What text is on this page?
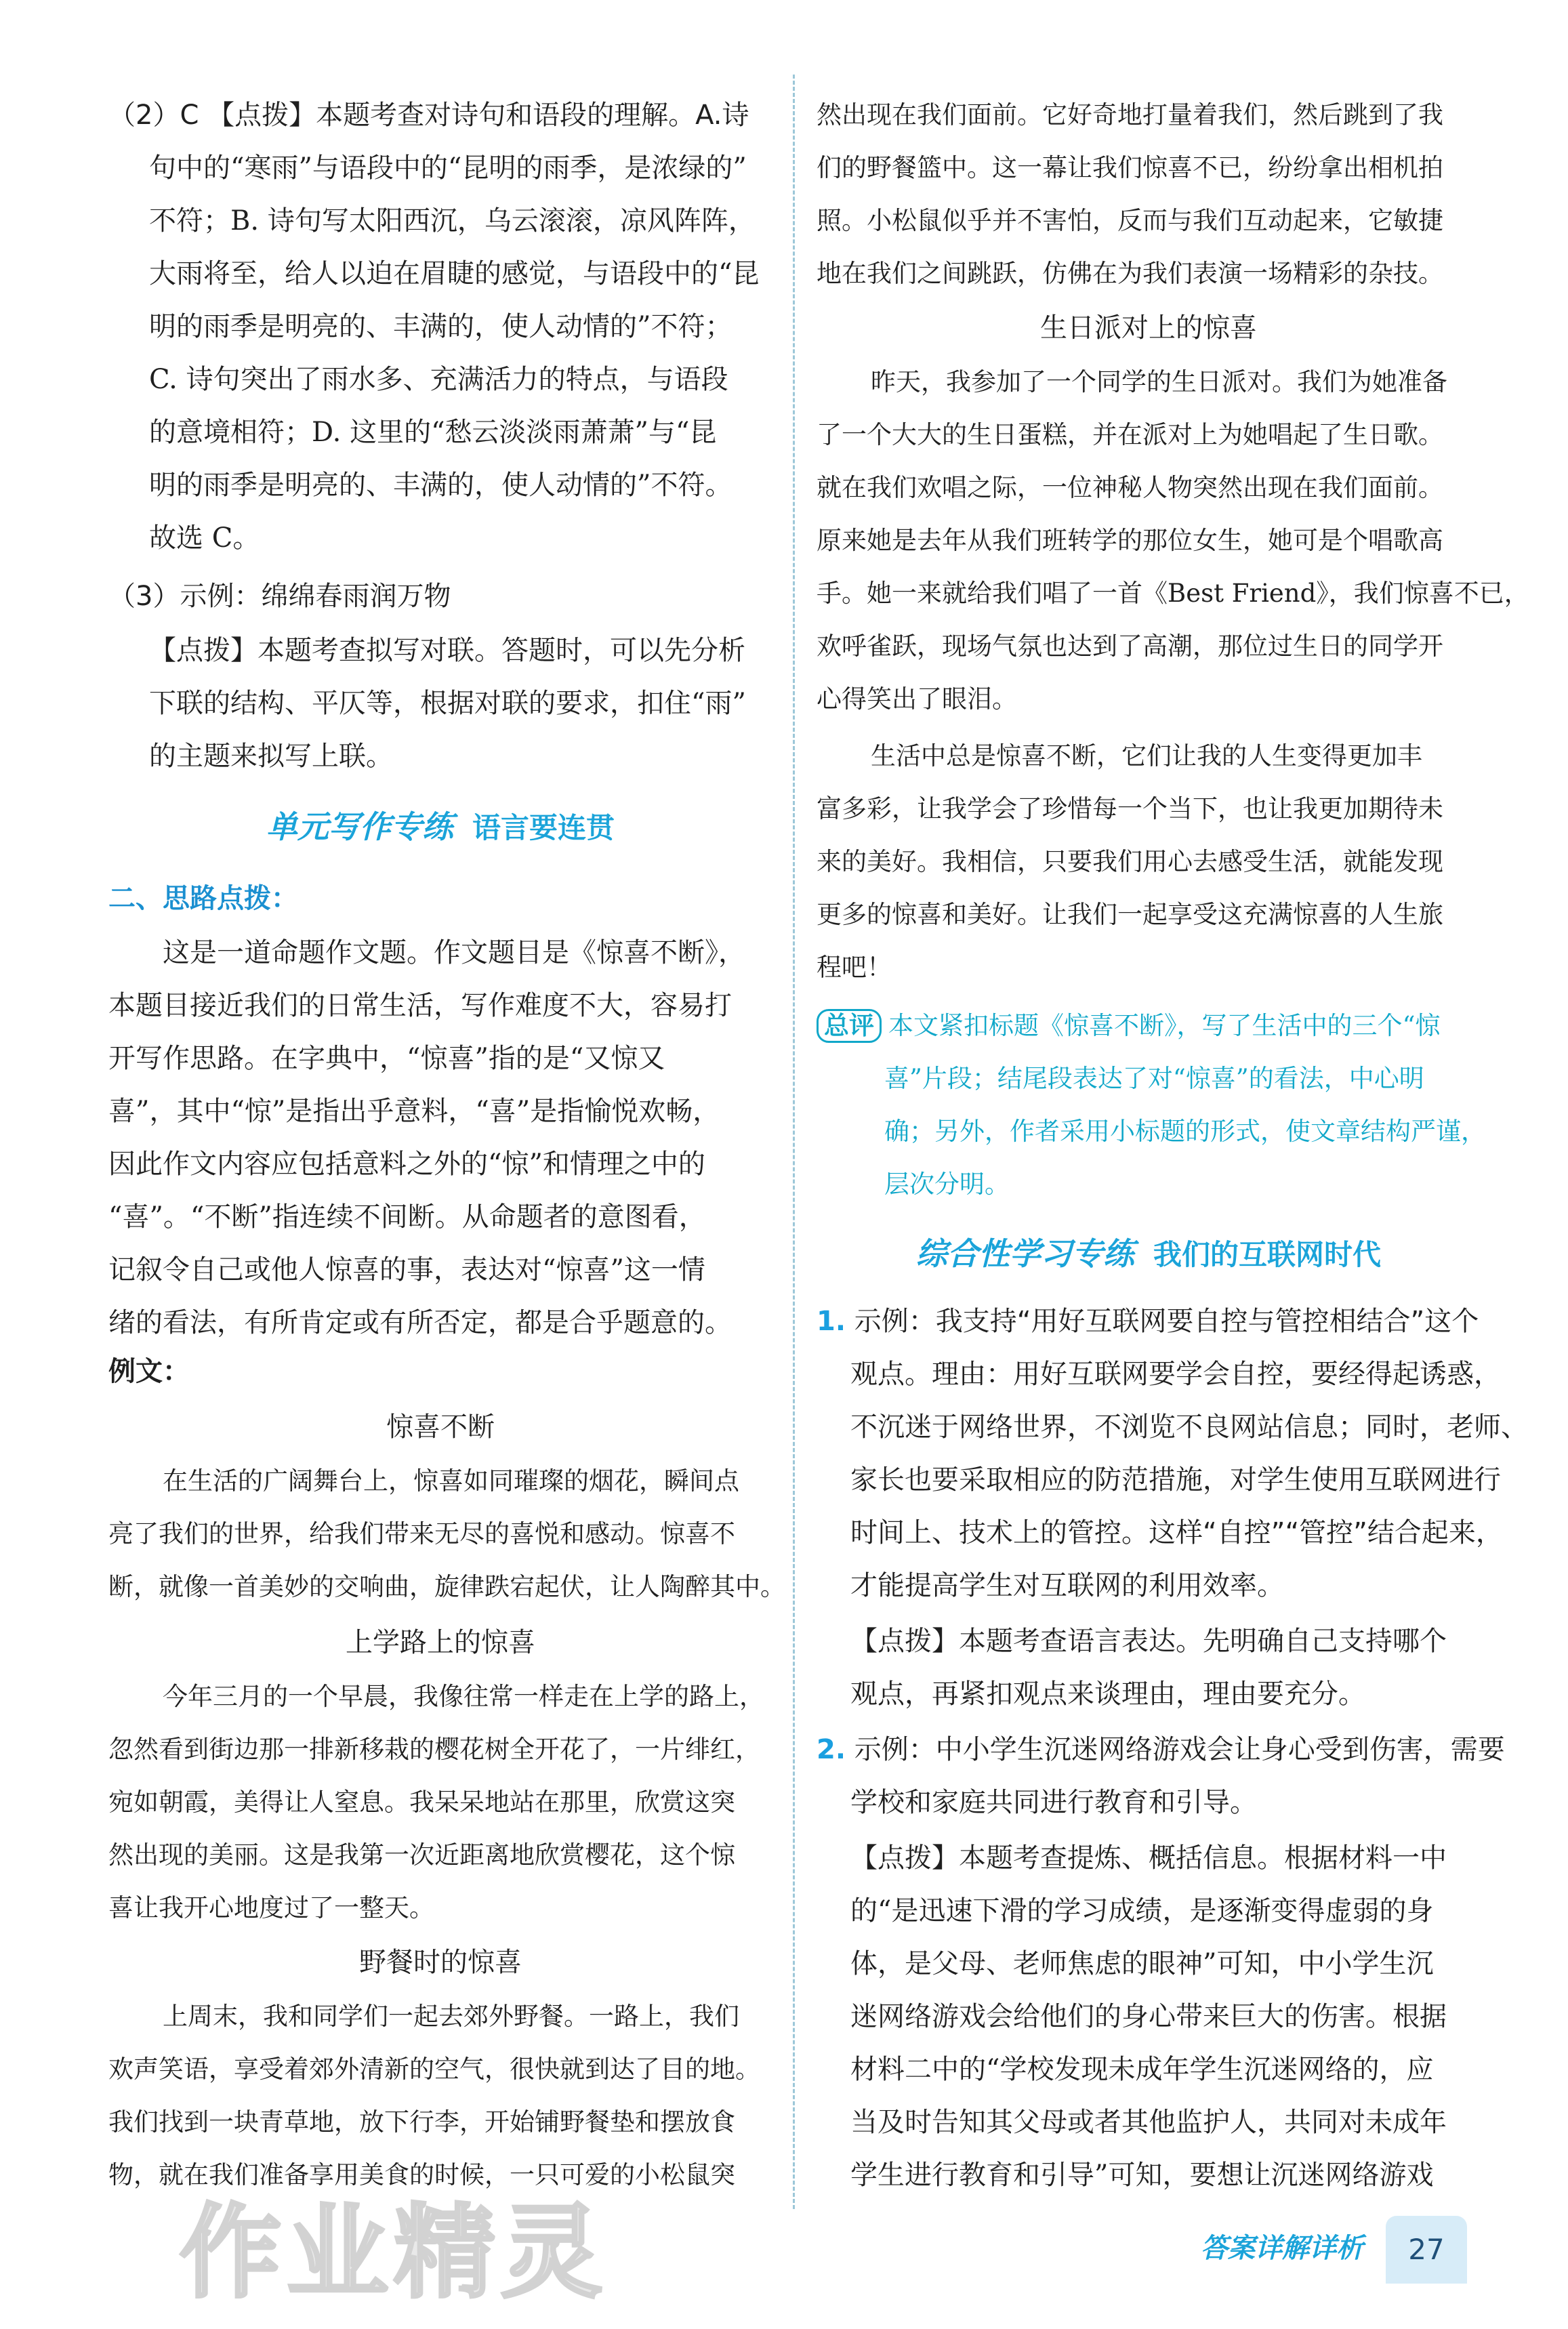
（2）C 【点拨】本题考查对诗句和语段的理解。A.诗
句中的“寒雨”与语段中的“昆明的雨季，是浓绿的”
不符；B. 诗句写太阳西沉，乌云滚滚，凉风阵阵，
大雨将至，给人以迫在眉睫的感觉，与语段中的“昆
明的雨季是明亮的、丰满的，使人动情的”不符；
C. 诗句突出了雨水多、充满活力的特点，与语段
的意境相符；D. 这里的“愁云淡淡雨萧萧”与“昆
明的雨季是明亮的、丰满的，使人动情的”不符。
故选 C。
（3）示例：绵绵春雨润万物
【点拨】本题考查拟写对联。答题时，可以先分析
下联的结构、平仄等，根据对联的要求，扣住“雨”
的主题来拟写上联。
单元写作专练 语言要连贯
二、思路点拨：
这是一道命题作文题。作文题目是《惊喜不断》，
本题目接近我们的日常生活，写作难度不大，容易打
开写作思路。在字典中，“惊喜”指的是“又惊又
喜”，其中“惊”是指出乎意料，“喜”是指愉悦欢畅，
因此作文内容应包括意料之外的“惊”和情理之中的
“喜”。“不断”指连续不间断。从命题者的意图看，
记叙令自己或他人惊喜的事，表达对“惊喜”这一情
绪的看法，有所肯定或有所否定，都是合乎题意的。
例文：
惊喜不断
在生活的广阔舞台上，惊喜如同璀璨的烟花，瞬间点
亮了我们的世界，给我们带来无尽的喜悦和感动。惊喜不
断，就像一首美妙的交响曲，旋律跌宕起伏，让人陶醉其中。
上学路上的惊喜
今年三月的一个早晨，我像往常一样走在上学的路上，
忽然看到街边那一排新移栽的樱花树全开花了，一片绯红，
宛如朝霞，美得让人窒息。我呆呆地站在那里，欣赏这突
然出现的美丽。这是我第一次近距离地欣赏樱花，这个惊
喜让我开心地度过了一整天。
野餐时的惊喜
上周末，我和同学们一起去郊外野餐。一路上，我们
欢声笑语，享受着郊外清新的空气，很快就到达了目的地。
我们找到一块青草地，放下行李，开始铺野餐垫和摆放食
物，就在我们准备享用美食的时候，一只可爱的小松鼠突
然出现在我们面前。它好奇地打量着我们，然后跳到了我
们的野餐篮中。这一幕让我们惊喜不已，纷纷拿出相机拍
照。小松鼠似乎并不害怕，反而与我们互动起来，它敏捷
地在我们之间跳跃，仿佛在为我们表演一场精彩的杂技。
生日派对上的惊喜
昨天，我参加了一个同学的生日派对。我们为她准备
了一个大大的生日蛋糕，并在派对上为她唱起了生日歌。
就在我们欢唱之际，一位神秘人物突然出现在我们面前。
原来她是去年从我们班转学的那位女生，她可是个唱歌高
手。她一来就给我们唱了一首《Best Friend》，我们惊喜不已，
欢呼雀跃，现场气氛也达到了高潮，那位过生日的同学开
心得笑出了眼泪。
生活中总是惊喜不断，它们让我的人生变得更加丰
富多彩，让我学会了珍惜每一个当下，也让我更加期待未
来的美好。我相信，只要我们用心去感受生活，就能发现
更多的惊喜和美好。让我们一起享受这充满惊喜的人生旅
程吧！
总评 本文紧扣标题《惊喜不断》，写了生活中的三个“惊
喜”片段；结尾段表达了对“惊喜”的看法，中心明
确；另外，作者采用小标题的形式，使文章结构严谨，
层次分明。
综合性学习专练 我们的互联网时代
1. 示例：我支持“用好互联网要自控与管控相结合”这个
观点。理由：用好互联网要学会自控，要经得起诱惑，
不沉迷于网络世界，不浏览不良网站信息；同时，老师、
家长也要采取相应的防范措施，对学生使用互联网进行
时间上、技术上的管控。这样“自控”“管控”结合起来，
才能提高学生对互联网的利用效率。
【点拨】本题考查语言表达。先明确自己支持哪个
观点，再紧扣观点来谈理由，理由要充分。
2. 示例：中小学生沉迷网络游戏会让身心受到伤害，需要
学校和家庭共同进行教育和引导。
【点拨】本题考查提炼、概括信息。根据材料一中
的“是迅速下滑的学习成绩，是逐渐变得虚弱的身
体，是父母、老师焦虑的眼神”可知，中小学生沉
迷网络游戏会给他们的身心带来巨大的伤害。根据
材料二中的“学校发现未成年学生沉迷网络的，应
当及时告知其父母或者其他监护人，共同对未成年
学生进行教育和引导”可知，要想让沉迷网络游戏
作业精灵	答案详解详析	27
